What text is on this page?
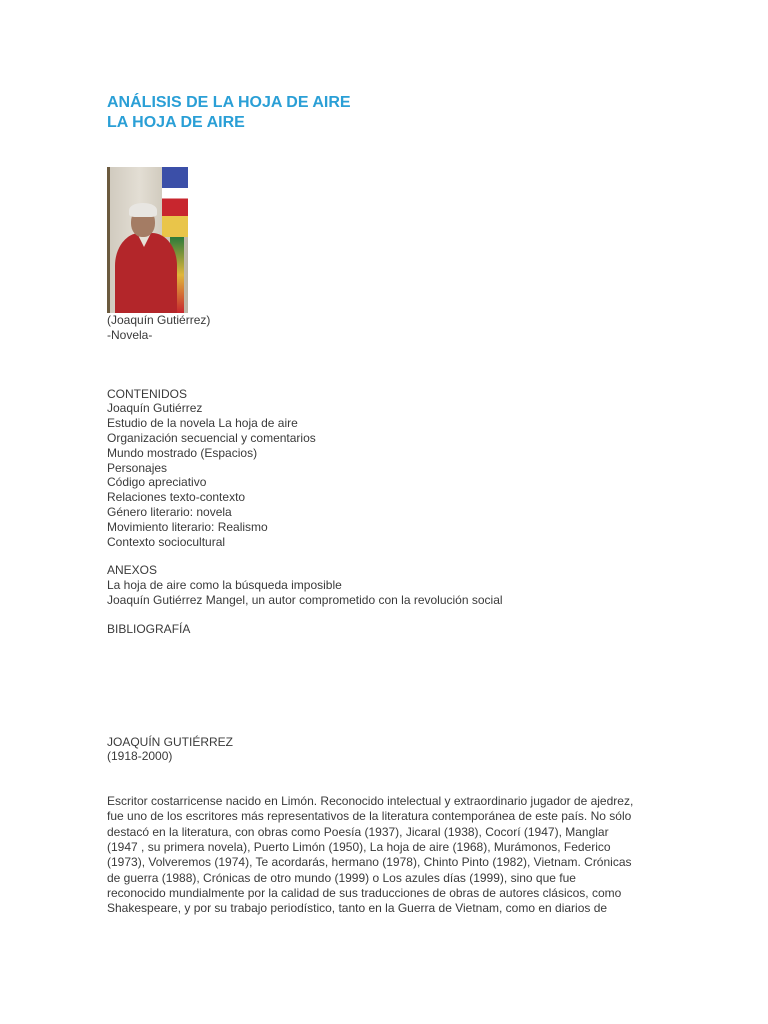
ANÁLISIS DE LA HOJA DE AIRE
LA HOJA DE AIRE
(Joaquín Gutiérrez)
-Novela-
CONTENIDOS
Joaquín Gutiérrez
Estudio de la novela La hoja de aire
Organización secuencial y comentarios
Mundo mostrado (Espacios)
Personajes
Código apreciativo
Relaciones texto-contexto
Género literario: novela
Movimiento literario: Realismo
Contexto sociocultural
ANEXOS
La hoja de aire como la búsqueda imposible
Joaquín Gutiérrez Mangel, un autor comprometido con la revolución social
BIBLIOGRAFÍA
JOAQUÍN GUTIÉRREZ
(1918-2000)
Escritor costarricense nacido en Limón. Reconocido intelectual y extraordinario jugador de ajedrez,
fue uno de los escritores más representativos de la literatura contemporánea de este país. No sólo
destacó en la literatura, con obras como Poesía (1937), Jicaral (1938), Cocorí (1947), Manglar
(1947 , su primera novela), Puerto Limón (1950), La hoja de aire (1968), Murámonos, Federico
(1973), Volveremos (1974), Te acordarás, hermano (1978), Chinto Pinto (1982), Vietnam. Crónicas
de guerra (1988), Crónicas de otro mundo (1999) o Los azules días (1999), sino que fue
reconocido mundialmente por la calidad de sus traducciones de obras de autores clásicos, como
Shakespeare, y por su trabajo periodístico, tanto en la Guerra de Vietnam, como en diarios de
